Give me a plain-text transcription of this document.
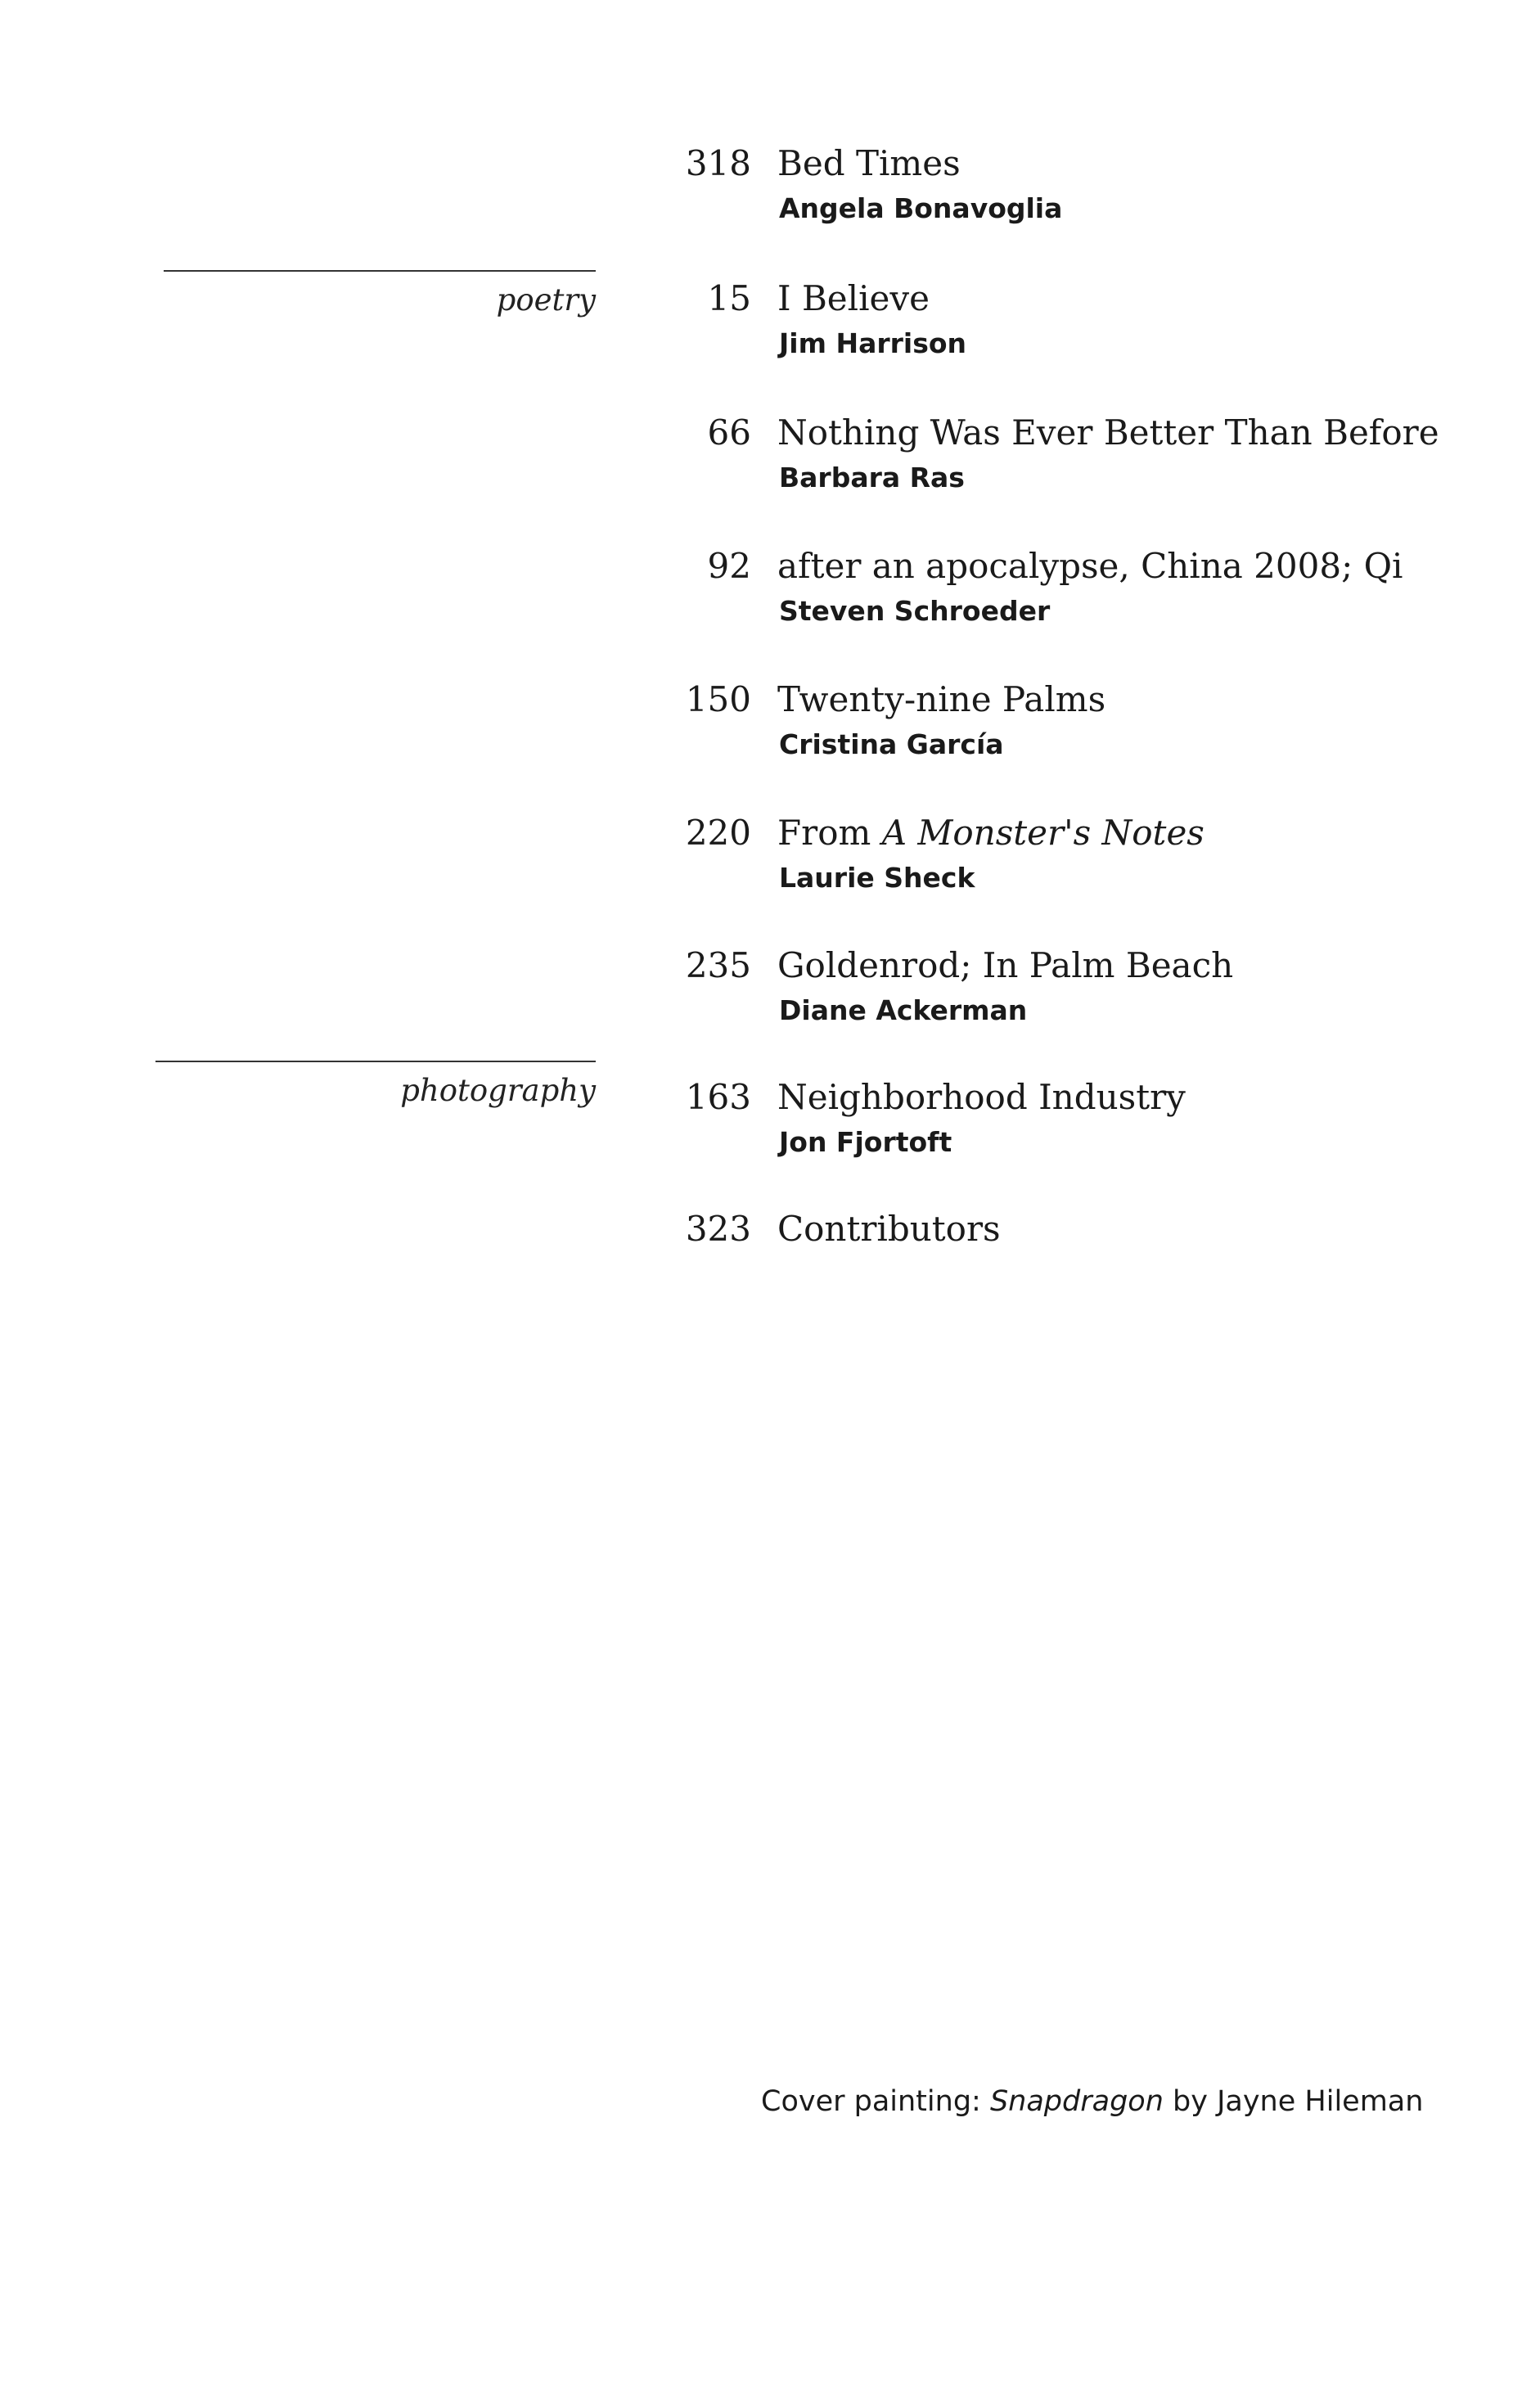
poetry
photography
318 Bed Times
Angela Bonavoglia
15 I Believe
Jim Harrison
66 Nothing Was Ever Better Than Before
Barbara Ras
92 after an apocalypse, China 2008; Qi
Steven Schroeder
150 Twenty-nine Palms
Cristina García
220 From A Monster's Notes
Laurie Sheck
235 Goldenrod; In Palm Beach
Diane Ackerman
163 Neighborhood Industry
Jon Fjortoft
323 Contributors
Cover painting: Snapdragon by Jayne Hileman
